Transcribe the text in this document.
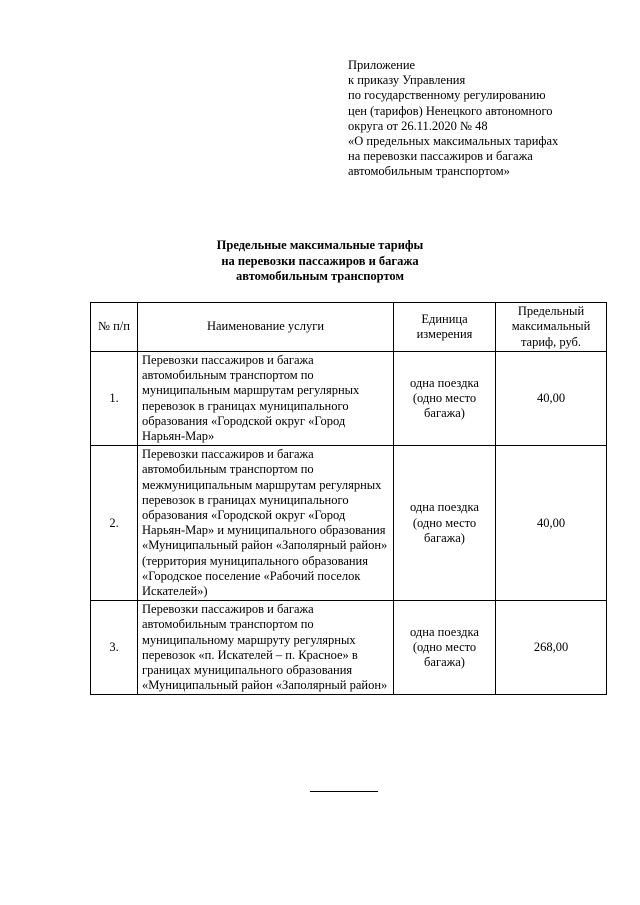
Приложение
к приказу Управления
по государственному регулированию
цен (тарифов) Ненецкого автономного
округа от 26.11.2020 № 48
«О предельных максимальных тарифах
на перевозки пассажиров и багажа
автомобильным транспортом»
Предельные максимальные тарифы
на перевозки пассажиров и багажа
автомобильным транспортом
№ п/п	Наименование услуги	Единица измерения	Предельный максимальный тариф, руб.
1.	Перевозки пассажиров и багажа автомобильным транспортом по муниципальным маршрутам регулярных перевозок в границах муниципального образования «Городской округ «Город Нарьян-Мар»	одна поездка (одно место багажа)	40,00
2.	Перевозки пассажиров и багажа автомобильным транспортом по межмуниципальным маршрутам регулярных перевозок в границах муниципального образования «Городской округ «Город Нарьян-Мар» и муниципального образования «Муниципальный район «Заполярный район» (территория муниципального образования «Городское поселение «Рабочий поселок Искателей»)	одна поездка (одно место багажа)	40,00
3.	Перевозки пассажиров и багажа автомобильным транспортом по муниципальному маршруту регулярных перевозок «п. Искателей – п. Красное» в границах муниципального образования «Муниципальный район «Заполярный район»	одна поездка (одно место багажа)	268,00
